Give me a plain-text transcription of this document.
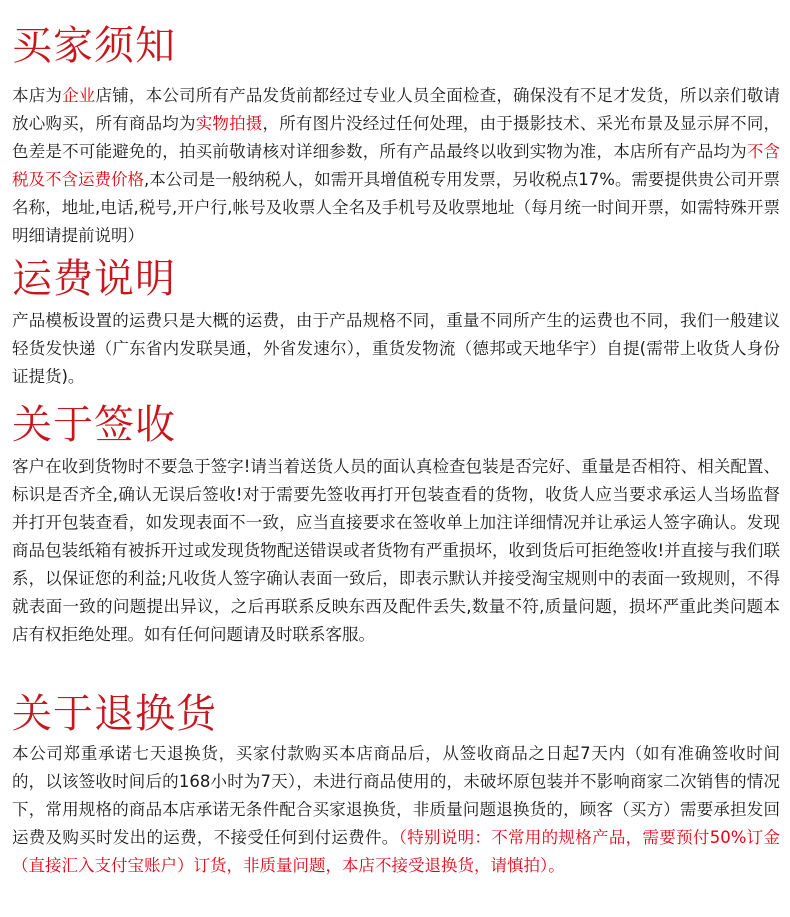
买家须知

本店为企业店铺，本公司所有产品发货前都经过专业人员全面检查，确保没有不足才发货，所以亲们敬请放心购买，所有商品均为实物拍摄，所有图片没经过任何处理，由于摄影技术、采光布景及显示屏不同，色差是不可能避免的，拍买前敬请核对详细参数，所有产品最终以收到实物为准，本店所有产品均为不含税及不含运费价格,本公司是一般纳税人，如需开具增值税专用发票，另收税点17%。需要提供贵公司开票名称，地址,电话,税号,开户行,帐号及收票人全名及手机号及收票地址（每月统一时间开票，如需特殊开票明细请提前说明）

运费说明

产品模板设置的运费只是大概的运费，由于产品规格不同，重量不同所产生的运费也不同，我们一般建议轻货发快递（广东省内发联昊通，外省发速尔），重货发物流（德邦或天地华宇）自提(需带上收货人身份证提货)。

关于签收

客户在收到货物时不要急于签字!请当着送货人员的面认真检查包装是否完好、重量是否相符、相关配置、标识是否齐全,确认无误后签收!对于需要先签收再打开包装查看的货物，收货人应当要求承运人当场监督并打开包装查看，如发现表面不一致，应当直接要求在签收单上加注详细情况并让承运人签字确认。发现商品包装纸箱有被拆开过或发现货物配送错误或者货物有严重损坏，收到货后可拒绝签收!并直接与我们联系，以保证您的利益;凡收货人签字确认表面一致后，即表示默认并接受淘宝规则中的表面一致规则，不得就表面一致的问题提出异议，之后再联系反映东西及配件丢失,数量不符,质量问题，损坏严重此类问题本店有权拒绝处理。如有任何问题请及时联系客服。

关于退换货

本公司郑重承诺七天退换货，买家付款购买本店商品后，从签收商品之日起7天内（如有准确签收时间的，以该签收时间后的168小时为7天），未进行商品使用的，未破坏原包装并不影响商家二次销售的情况下，常用规格的商品本店承诺无条件配合买家退换货，非质量问题退换货的，顾客（买方）需要承担发回运费及购买时发出的运费，不接受任何到付运费件。（特别说明：不常用的规格产品，需要预付50%订金（直接汇入支付宝账户）订货，非质量问题，本店不接受退换货，请慎拍）。
